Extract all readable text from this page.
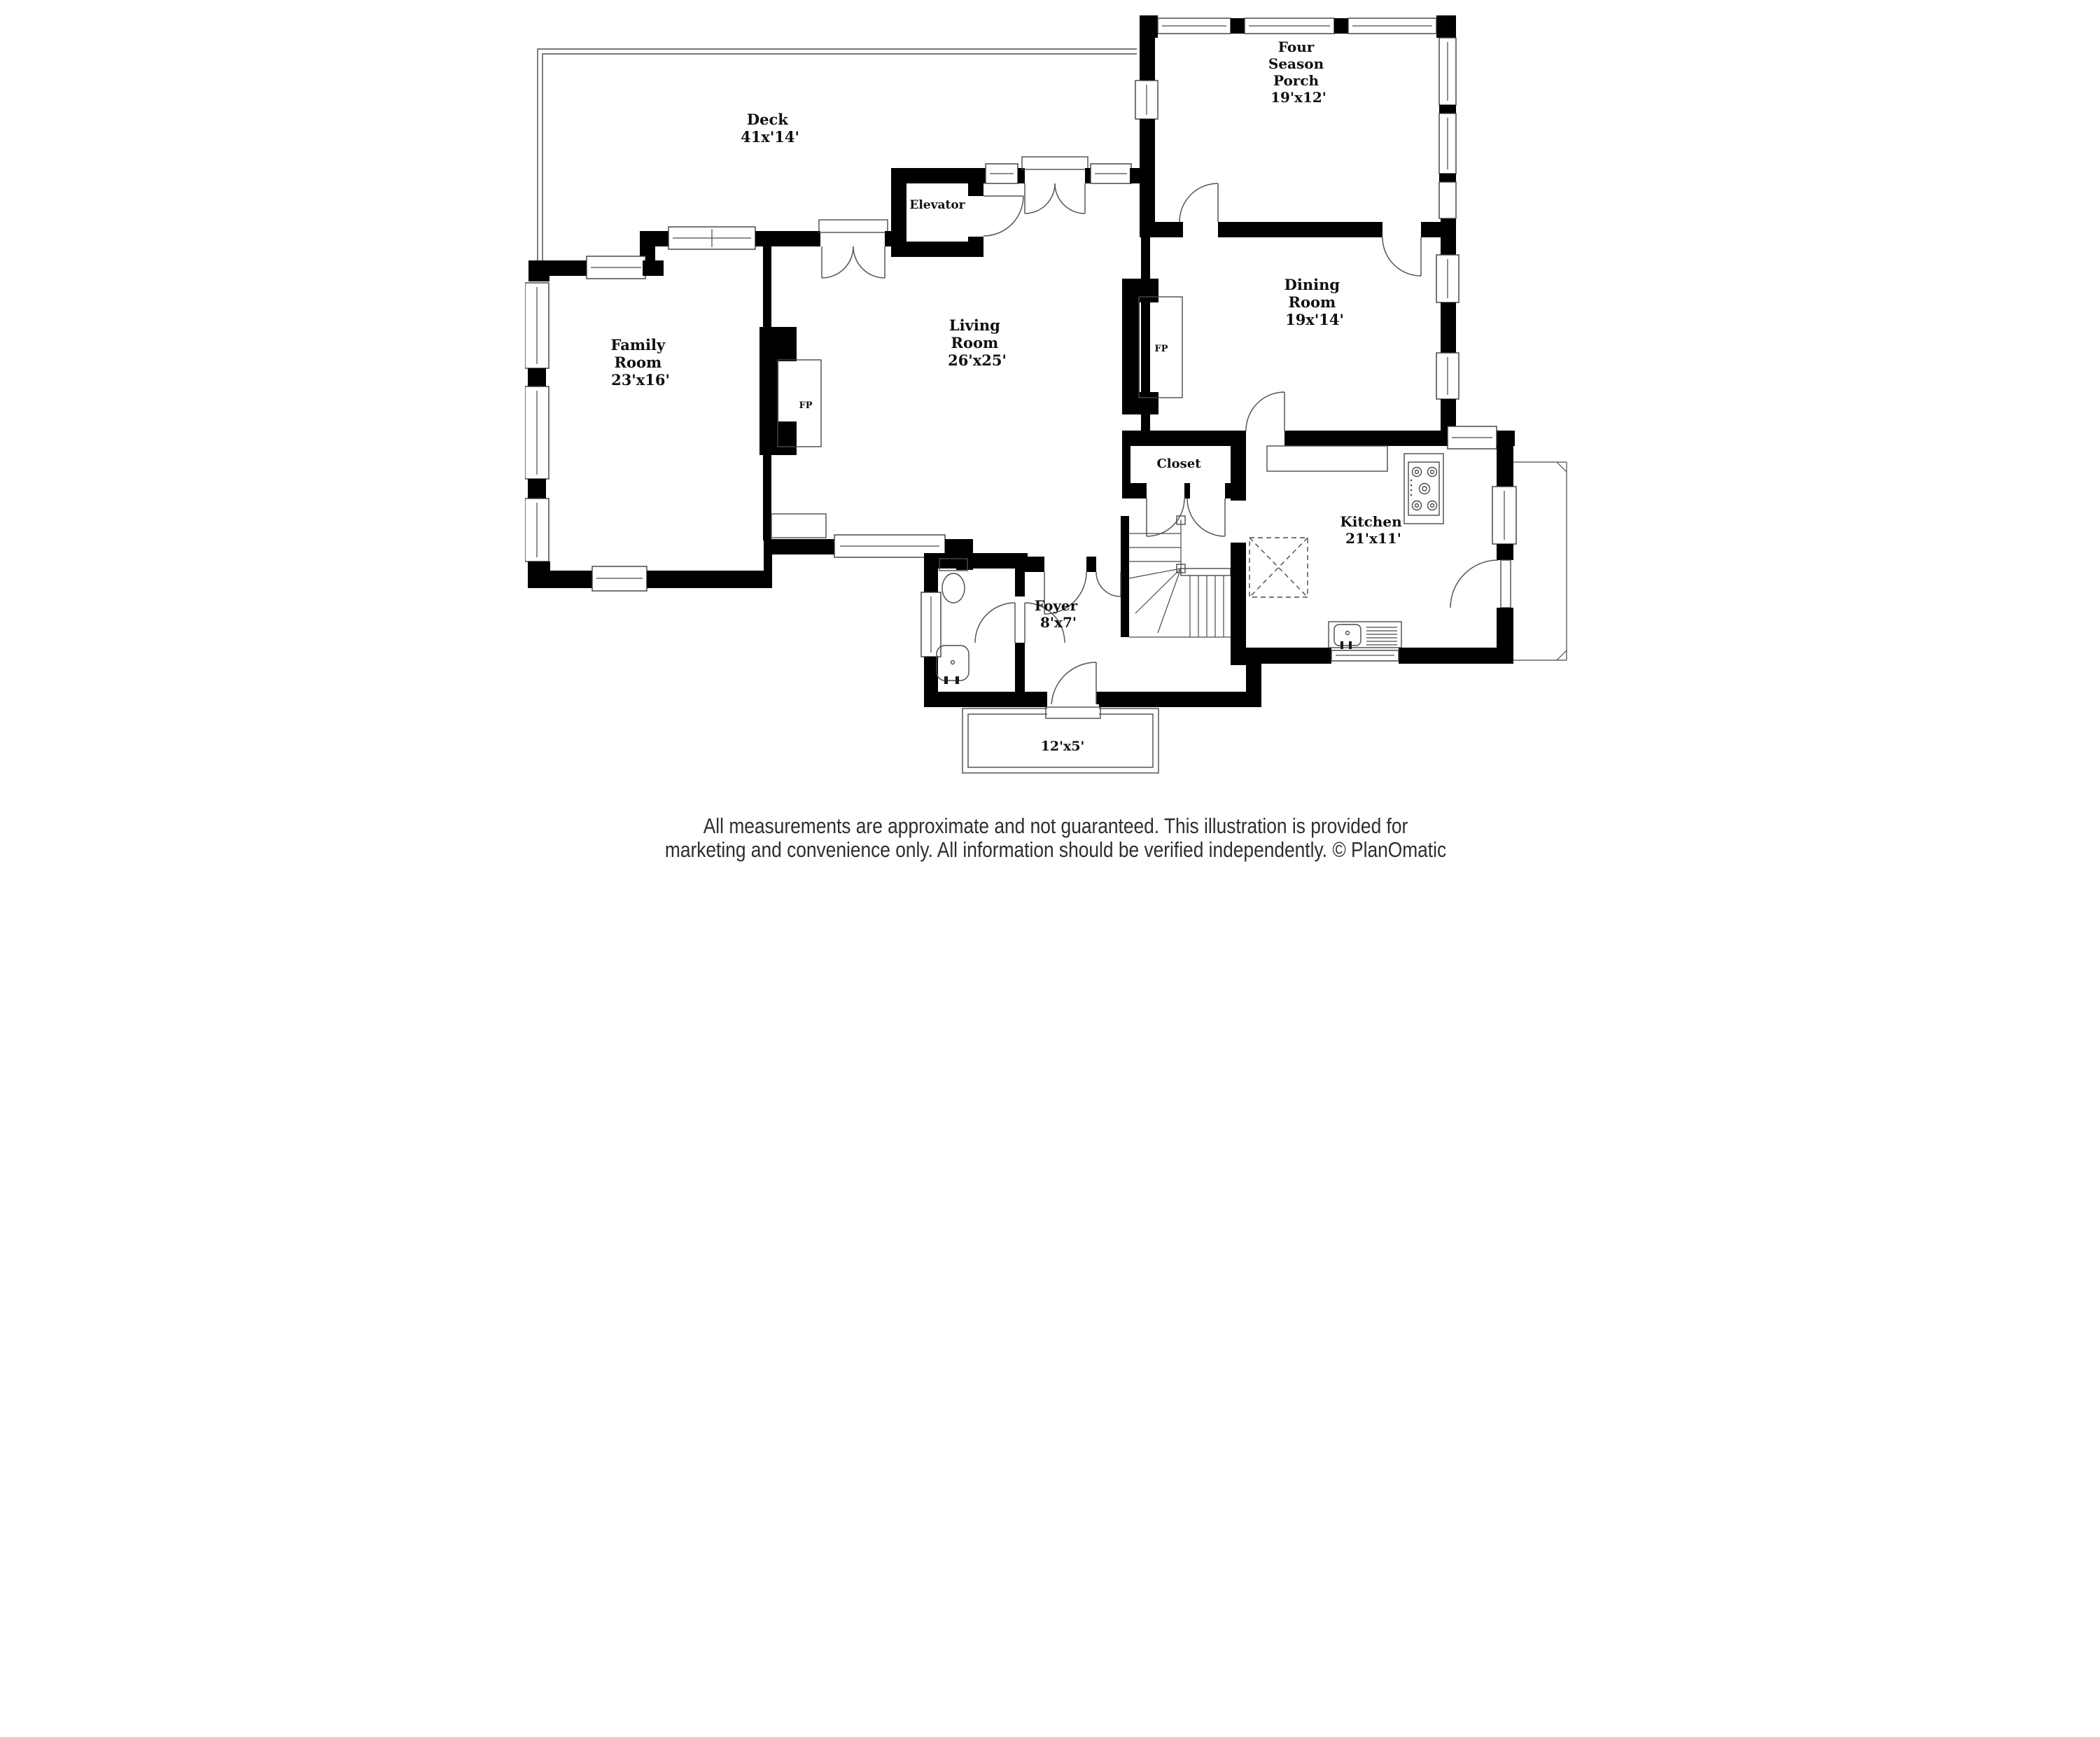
Deck 41x'14'
Four Season Porch 19'x12'
FP
Dining Room 19x'14'
Elevator
FP
Living Room 26'x25'
Family Room 23'x16'
Closet
Kitchen 21'x11'
Foyer 8'x7'
12'x5'
All measurements are approximate and not guaranteed. This illustration is provided for
marketing and convenience only. All information should be verified independently. © PlanOmatic
